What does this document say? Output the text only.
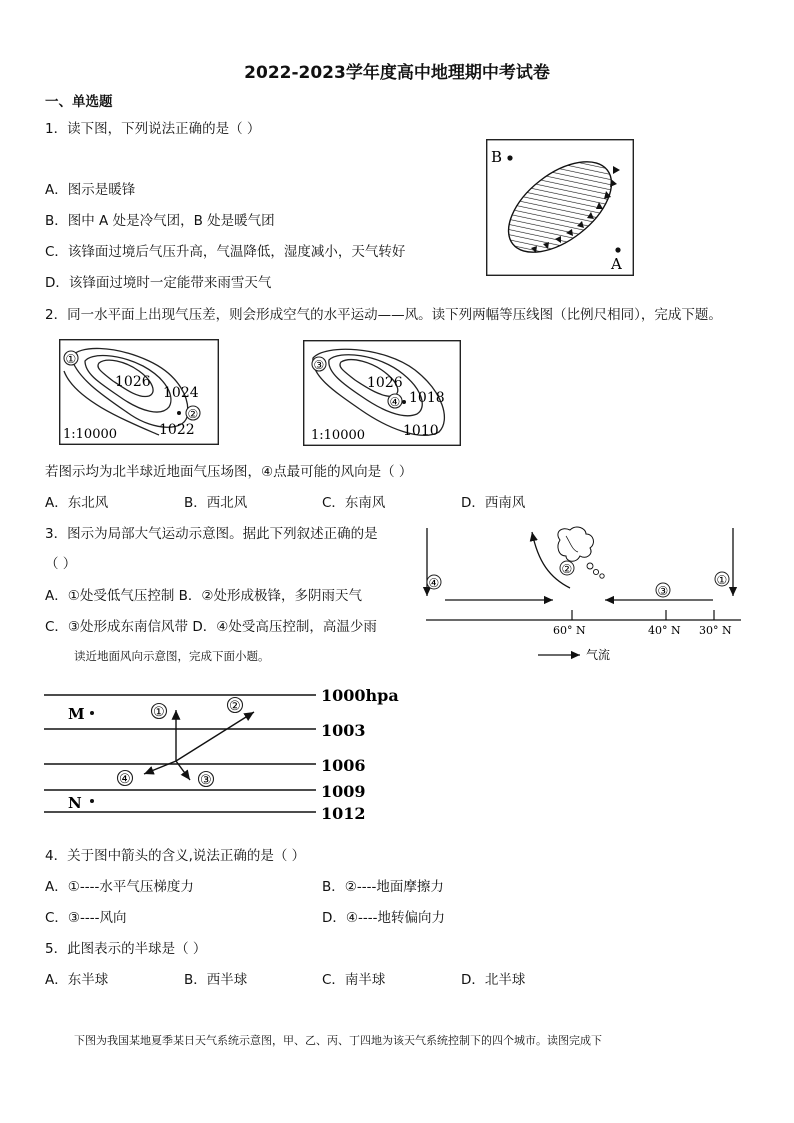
2022-2023学年度高中地理期中考试卷
一、单选题
1．读下图，下列说法正确的是（ ）
A．图示是暖锋
B．图中 A 处是冷气团，B 处是暖气团
C．该锋面过境后气压升高，气温降低，湿度减小，天气转好
D．该锋面过境时一定能带来雨雪天气
B
A
2．同一水平面上出现气压差，则会形成空气的水平运动——风。读下列两幅等压线图（比例尺相同），完成下题。
①
1026
1024
②
1022
1:10000
③
1026
④ 1018
1010
1:10000
若图示均为北半球近地面气压场图，④点最可能的风向是（ ）
A．东北风	B．西北风	C．东南风	D．西南风
3．图示为局部大气运动示意图。据此下列叙述正确的是
（ ）
A．①处受低气压控制 B．②处形成极锋，多阴雨天气
C．③处形成东南信风带 D．④处受高压控制，高温少雨
④
②
③
①
60° N	40° N 30° N
气流
读近地面风向示意图，完成下面小题。
1000hpa
1003
1006
1009
1012
M
N
①	②
③
④
4．关于图中箭头的含义,说法正确的是（ ）
A．①----水平气压梯度力	B．②----地面摩擦力
C．③----风向	D．④----地转偏向力
5．此图表示的半球是（ ）
A．东半球	B．西半球	C．南半球	D．北半球
下图为我国某地夏季某日天气系统示意图，甲、乙、丙、丁四地为该天气系统控制下的四个城市。读图完成下
